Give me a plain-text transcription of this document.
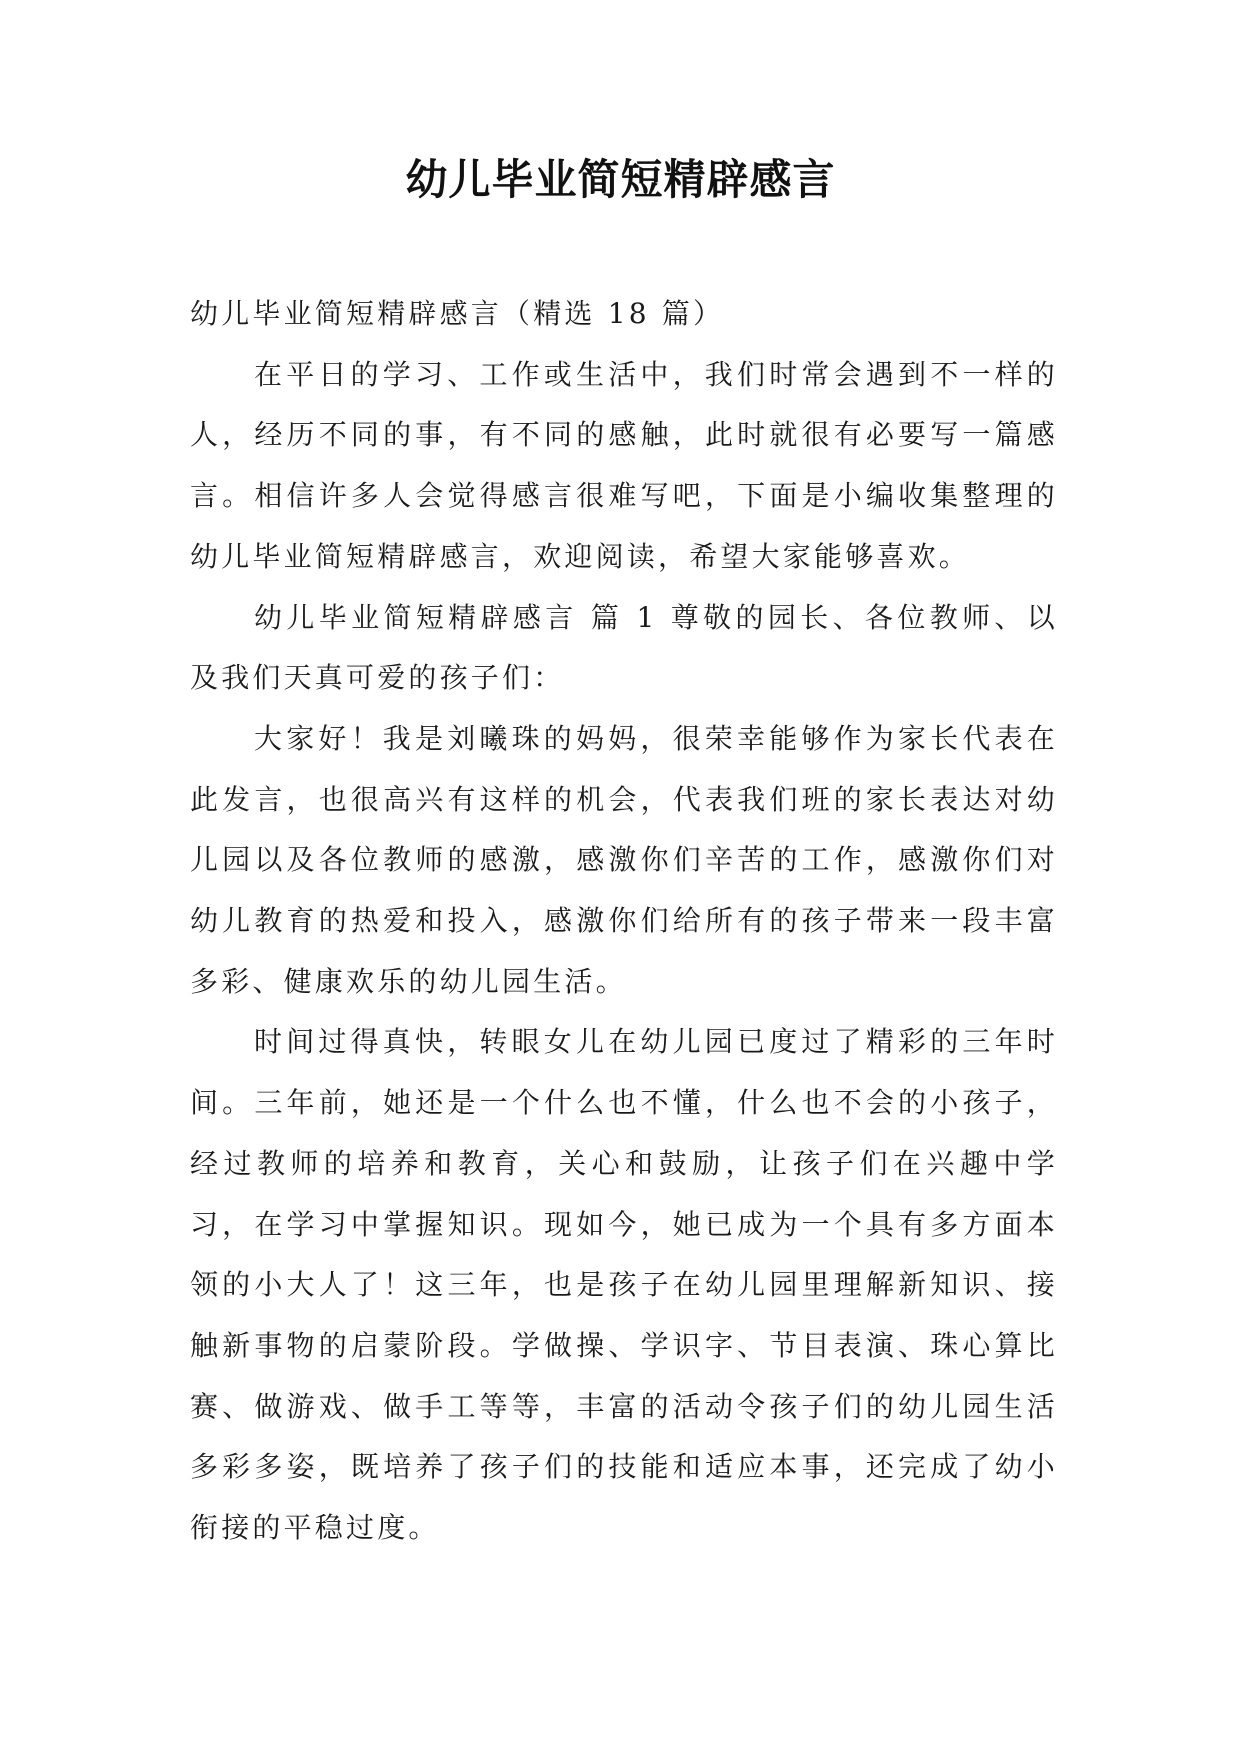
幼儿毕业简短精辟感言

幼儿毕业简短精辟感言（精选 18 篇）

在平日的学习、工作或生活中，我们时常会遇到不一样的人，经历不同的事，有不同的感触，此时就很有必要写一篇感言。相信许多人会觉得感言很难写吧，下面是小编收集整理的幼儿毕业简短精辟感言，欢迎阅读，希望大家能够喜欢。

幼儿毕业简短精辟感言 篇 1 尊敬的园长、各位教师、以及我们天真可爱的孩子们：

大家好！我是刘曦珠的妈妈，很荣幸能够作为家长代表在此发言，也很高兴有这样的机会，代表我们班的家长表达对幼儿园以及各位教师的感激，感激你们辛苦的工作，感激你们对幼儿教育的热爱和投入，感激你们给所有的孩子带来一段丰富多彩、健康欢乐的幼儿园生活。

时间过得真快，转眼女儿在幼儿园已度过了精彩的三年时间。三年前，她还是一个什么也不懂，什么也不会的小孩子，经过教师的培养和教育，关心和鼓励，让孩子们在兴趣中学习，在学习中掌握知识。现如今，她已成为一个具有多方面本领的小大人了！这三年，也是孩子在幼儿园里理解新知识、接触新事物的启蒙阶段。学做操、学识字、节目表演、珠心算比赛、做游戏、做手工等等，丰富的活动令孩子们的幼儿园生活多彩多姿，既培养了孩子们的技能和适应本事，还完成了幼小衔接的平稳过度。
